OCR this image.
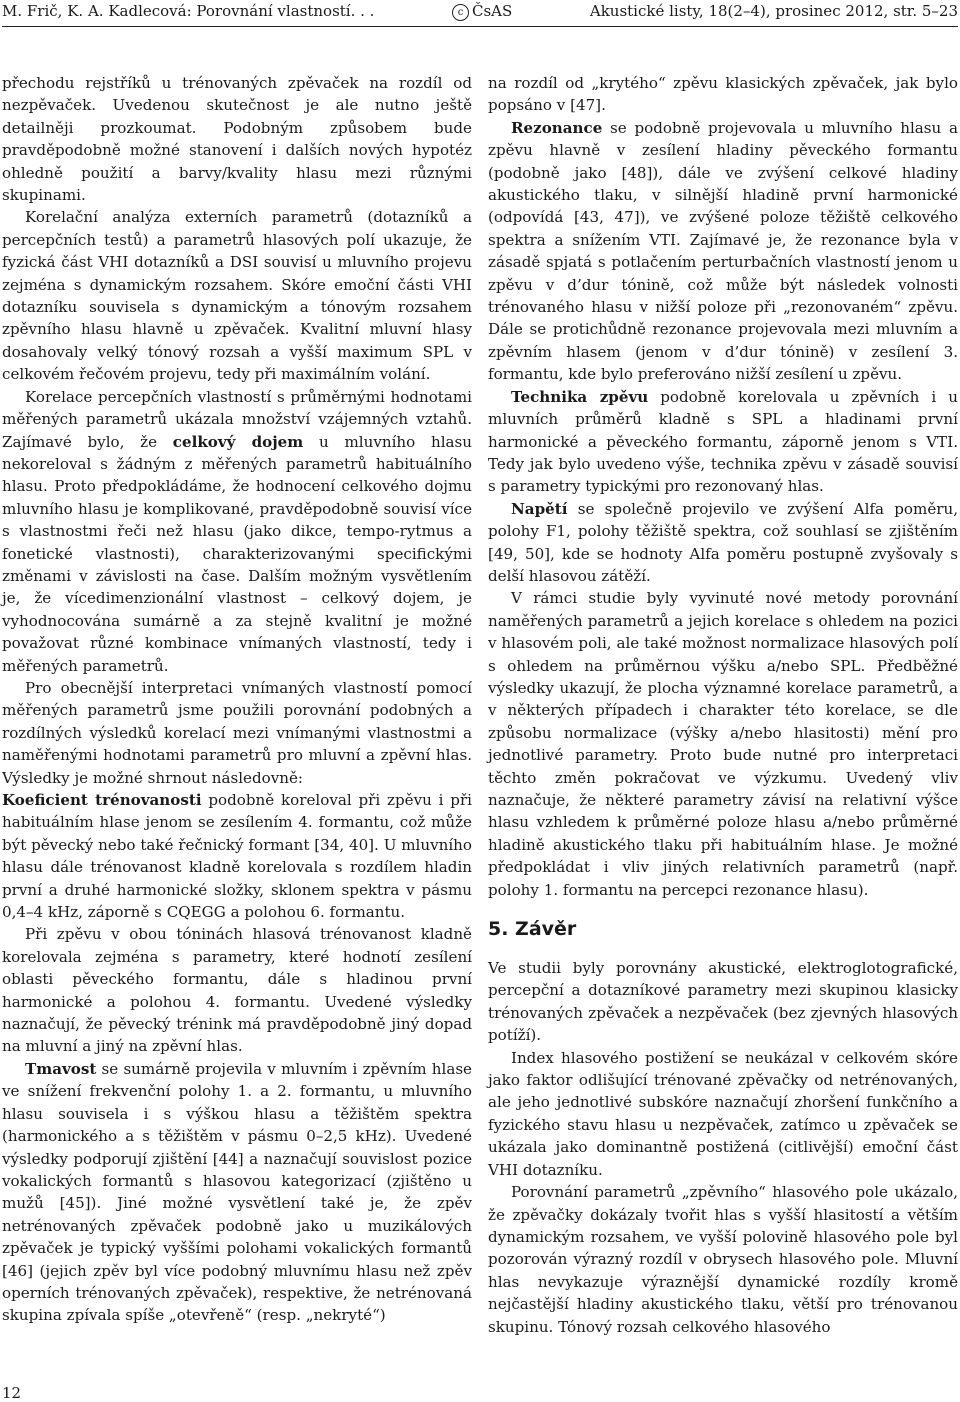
M. Frič, K. A. Kadlecová: Porovnání vlastností. . .	c ČsAS	Akustické listy, 18(2–4), prosinec 2012, str. 5–23

přechodu rejstříků u trénovaných zpěvaček na rozdíl od nezpěvaček. Uvedenou skutečnost je ale nutno ještě detailněji prozkoumat. Podobným způsobem bude pravděpodobně možné stanovení i dalších nových hypotéz ohledně použití a barvy/kvality hlasu mezi různými skupinami.

Korelační analýza externích parametrů (dotazníků a percepčních testů) a parametrů hlasových polí ukazuje, že fyzická část VHI dotazníků a DSI souvisí u mluvního projevu zejména s dynamickým rozsahem. Skóre emoční části VHI dotazníku souvisela s dynamickým a tónovým rozsahem zpěvního hlasu hlavně u zpěvaček. Kvalitní mluvní hlasy dosahovaly velký tónový rozsah a vyšší maximum SPL v celkovém řečovém projevu, tedy při maximálním volání.

Korelace percepčních vlastností s průměrnými hodnotami měřených parametrů ukázala množství vzájemných vztahů. Zajímavé bylo, že celkový dojem u mluvního hlasu nekoreloval s žádným z měřených parametrů habituálního hlasu. Proto předpokládáme, že hodnocení celkového dojmu mluvního hlasu je komplikované, pravděpodobně souvisí více s vlastnostmi řeči než hlasu (jako dikce, tempo-rytmus a fonetické vlastnosti), charakterizovanými specifickými změnami v závislosti na čase. Dalším možným vysvětlením je, že vícedimenzionální vlastnost – celkový dojem, je vyhodnocována sumárně a za stejně kvalitní je možné považovat různé kombinace vnímaných vlastností, tedy i měřených parametrů.

Pro obecnější interpretaci vnímaných vlastností pomocí měřených parametrů jsme použili porovnání podobných a rozdílných výsledků korelací mezi vnímanými vlastnostmi a naměřenými hodnotami parametrů pro mluvní a zpěvní hlas. Výsledky je možné shrnout následovně:

Koeficient trénovanosti podobně koreloval při zpěvu i při habituálním hlase jenom se zesílením 4. formantu, což může být pěvecký nebo také řečnický formant [34, 40]. U mluvního hlasu dále trénovanost kladně korelovala s rozdílem hladin první a druhé harmonické složky, sklonem spektra v pásmu 0,4–4 kHz, záporně s CQEGG a polohou 6. formantu.

Při zpěvu v obou tóninách hlasová trénovanost kladně korelovala zejména s parametry, které hodnotí zesílení oblasti pěveckého formantu, dále s hladinou první harmonické a polohou 4. formantu. Uvedené výsledky naznačují, že pěvecký trénink má pravděpodobně jiný dopad na mluvní a jiný na zpěvní hlas.

Tmavost se sumárně projevila v mluvním i zpěvním hlase ve snížení frekvenční polohy 1. a 2. formantu, u mluvního hlasu souvisela i s výškou hlasu a těžištěm spektra (harmonického a s těžištěm v pásmu 0–2,5 kHz). Uvedené výsledky podporují zjištění [44] a naznačují souvislost pozice vokalických formantů s hlasovou kategorizací (zjištěno u mužů [45]). Jiné možné vysvětlení také je, že zpěv netrénovaných zpěvaček podobně jako u muzikálových zpěvaček je typický vyššími polohami vokalických formantů [46] (jejich zpěv byl více podobný mluvnímu hlasu než zpěv operních trénovaných zpěvaček), respektive, že netrénovaná skupina zpívala spíše „otevřeně“ (resp. „nekryté“)

na rozdíl od „krytého“ zpěvu klasických zpěvaček, jak bylo popsáno v [47].

Rezonance se podobně projevovala u mluvního hlasu a zpěvu hlavně v zesílení hladiny pěveckého formantu (podobně jako [48]), dále ve zvýšení celkové hladiny akustického tlaku, v silnější hladině první harmonické (odpovídá [43, 47]), ve zvýšené poloze těžiště celkového spektra a snížením VTI. Zajímavé je, že rezonance byla v zásadě spjatá s potlačením perturbačních vlastností jenom u zpěvu v d’dur tónině, což může být následek volnosti trénovaného hlasu v nižší poloze při „rezonovaném“ zpěvu. Dále se protichůdně rezonance projevovala mezi mluvním a zpěvním hlasem (jenom v d’dur tónině) v zesílení 3. formantu, kde bylo preferováno nižší zesílení u zpěvu.

Technika zpěvu podobně korelovala u zpěvních i u mluvních průměrů kladně s SPL a hladinami první harmonické a pěveckého formantu, záporně jenom s VTI. Tedy jak bylo uvedeno výše, technika zpěvu v zásadě souvisí s parametry typickými pro rezonovaný hlas.

Napětí se společně projevilo ve zvýšení Alfa poměru, polohy F1, polohy těžiště spektra, což souhlasí se zjištěním [49, 50], kde se hodnoty Alfa poměru postupně zvyšovaly s delší hlasovou zátěží.

V rámci studie byly vyvinuté nové metody porovnání naměřených parametrů a jejich korelace s ohledem na pozici v hlasovém poli, ale také možnost normalizace hlasových polí s ohledem na průměrnou výšku a/nebo SPL. Předběžné výsledky ukazují, že plocha významné korelace parametrů, a v některých případech i charakter této korelace, se dle způsobu normalizace (výšky a/nebo hlasitosti) mění pro jednotlivé parametry. Proto bude nutné pro interpretaci těchto změn pokračovat ve výzkumu. Uvedený vliv naznačuje, že některé parametry závisí na relativní výšce hlasu vzhledem k průměrné poloze hlasu a/nebo průměrné hladině akustického tlaku při habituálním hlase. Je možné předpokládat i vliv jiných relativních parametrů (např. polohy 1. formantu na percepci rezonance hlasu).

5. Závěr

Ve studii byly porovnány akustické, elektroglotografické, percepční a dotazníkové parametry mezi skupinou klasicky trénovaných zpěvaček a nezpěvaček (bez zjevných hlasových potíží).

Index hlasového postižení se neukázal v celkovém skóre jako faktor odlišující trénované zpěvačky od netrénovaných, ale jeho jednotlivé subskóre naznačují zhoršení funkčního a fyzického stavu hlasu u nezpěvaček, zatímco u zpěvaček se ukázala jako dominantně postižená (citlivější) emoční část VHI dotazníku.

Porovnání parametrů „zpěvního“ hlasového pole ukázalo, že zpěvačky dokázaly tvořit hlas s vyšší hlasitostí a větším dynamickým rozsahem, ve vyšší polovině hlasového pole byl pozorován výrazný rozdíl v obrysech hlasového pole. Mluvní hlas nevykazuje výraznější dynamické rozdíly kromě nejčastější hladiny akustického tlaku, větší pro trénovanou skupinu. Tónový rozsah celkového hlasového

12
